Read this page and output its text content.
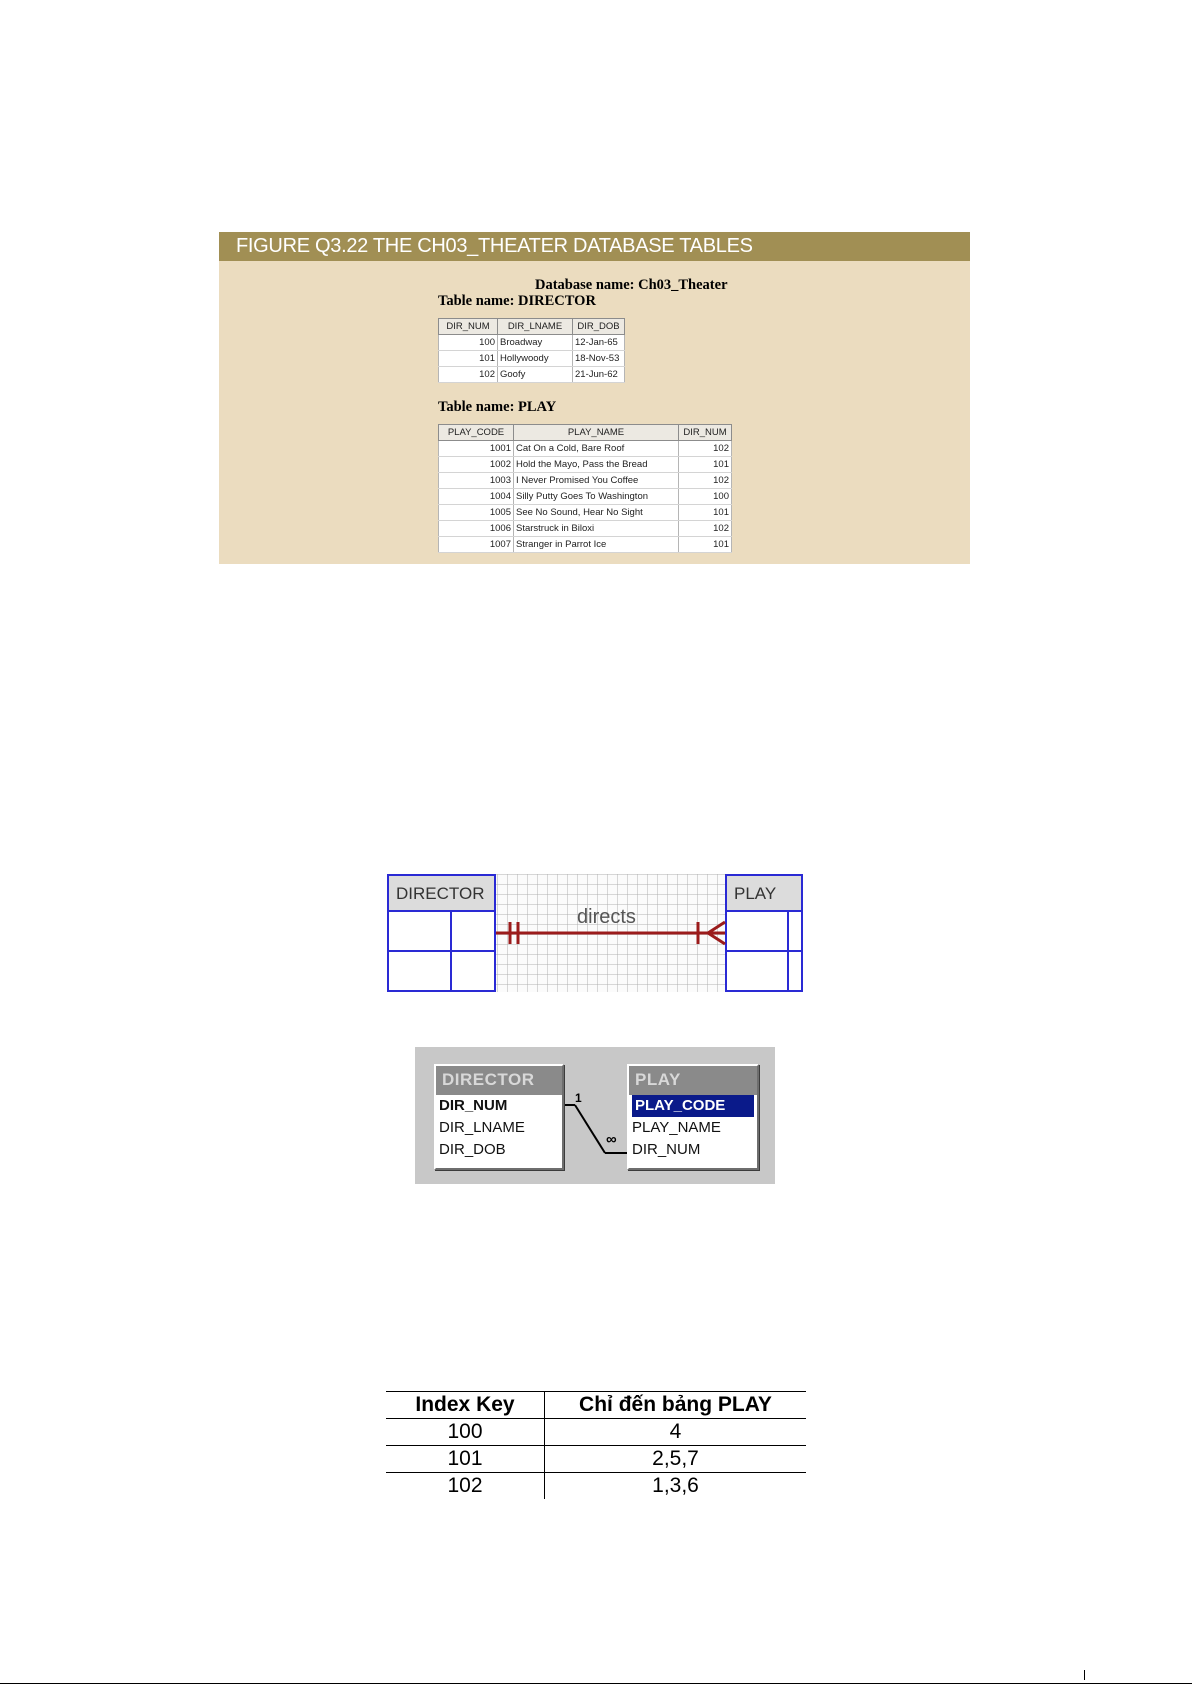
FIGURE Q3.22 THE CH03_THEATER DATABASE TABLES
Database name: Ch03_Theater
Table name: DIRECTOR
DIR_NUM	DIR_LNAME	DIR_DOB
100	Broadway	12-Jan-65
101	Hollywoody	18-Nov-53
102	Goofy	21-Jun-62
Table name: PLAY
PLAY_CODE	PLAY_NAME	DIR_NUM
1001	Cat On a Cold, Bare Roof	102
1002	Hold the Mayo, Pass the Bread	101
1003	I Never Promised You Coffee	102
1004	Silly Putty Goes To Washington	100
1005	See No Sound, Hear No Sight	101
1006	Starstruck in Biloxi	102
1007	Stranger in Parrot Ice	101
DIRECTOR	PLAY
directs
1
∞
DIRECTOR
DIR_NUM
DIR_LNAME
DIR_DOB
PLAY
PLAY_CODE
PLAY_NAME
DIR_NUM
Index Key	Chỉ đến bảng PLAY
100	4
101	2,5,7
102	1,3,6
